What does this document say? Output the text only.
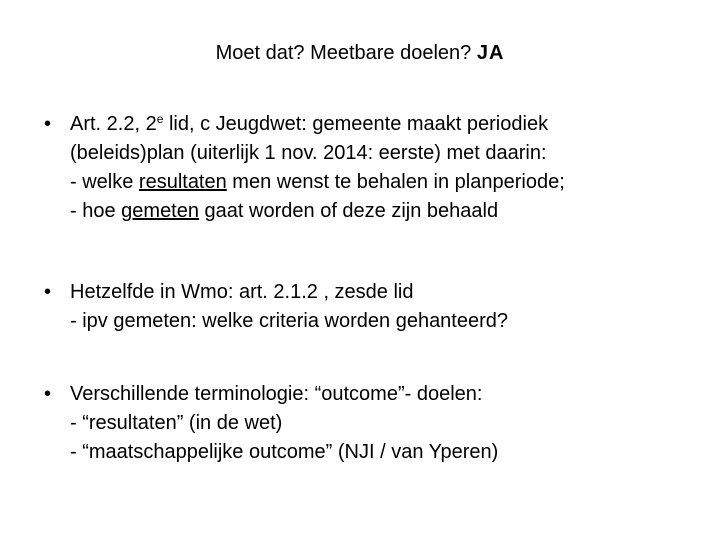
Moet dat? Meetbare doelen? JA
• Art. 2.2, 2e lid, c Jeugdwet: gemeente maakt periodiek
(beleids)plan (uiterlijk 1 nov. 2014: eerste) met daarin:
- welke resultaten men wenst te behalen in planperiode;
- hoe gemeten gaat worden of deze zijn behaald
• Hetzelfde in Wmo: art. 2.1.2 , zesde lid
- ipv gemeten: welke criteria worden gehanteerd?
• Verschillende terminologie: “outcome”- doelen:
- “resultaten” (in de wet)
- “maatschappelijke outcome” (NJI / van Yperen)
